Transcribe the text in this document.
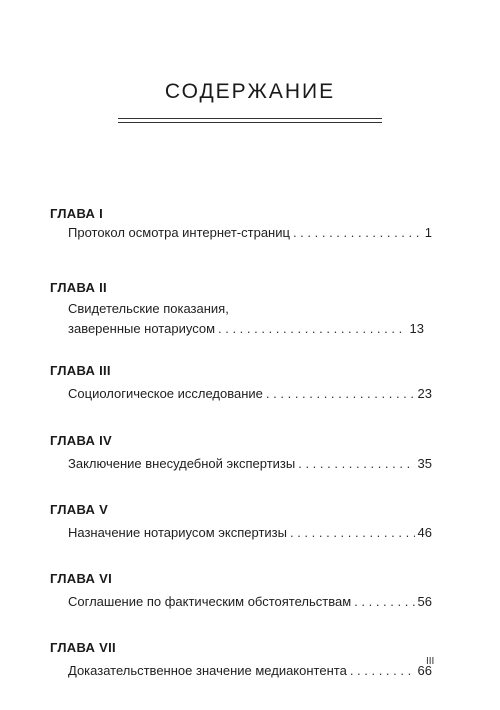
СОДЕРЖАНИЕ
ГЛАВА I
Протокол осмотра интернет-страниц . . .	1
ГЛАВА II
Свидетельские показания,
заверенные нотариусом . . .	13
ГЛАВА III
Социологическое исследование . . .	23
ГЛАВА IV
Заключение внесудебной экспертизы . . .	35
ГЛАВА V
Назначение нотариусом экспертизы . . .	46
ГЛАВА VI
Соглашение по фактическим обстоятельствам . . .	56
ГЛАВА VII
Доказательственное значение медиаконтента . . .	66
III
